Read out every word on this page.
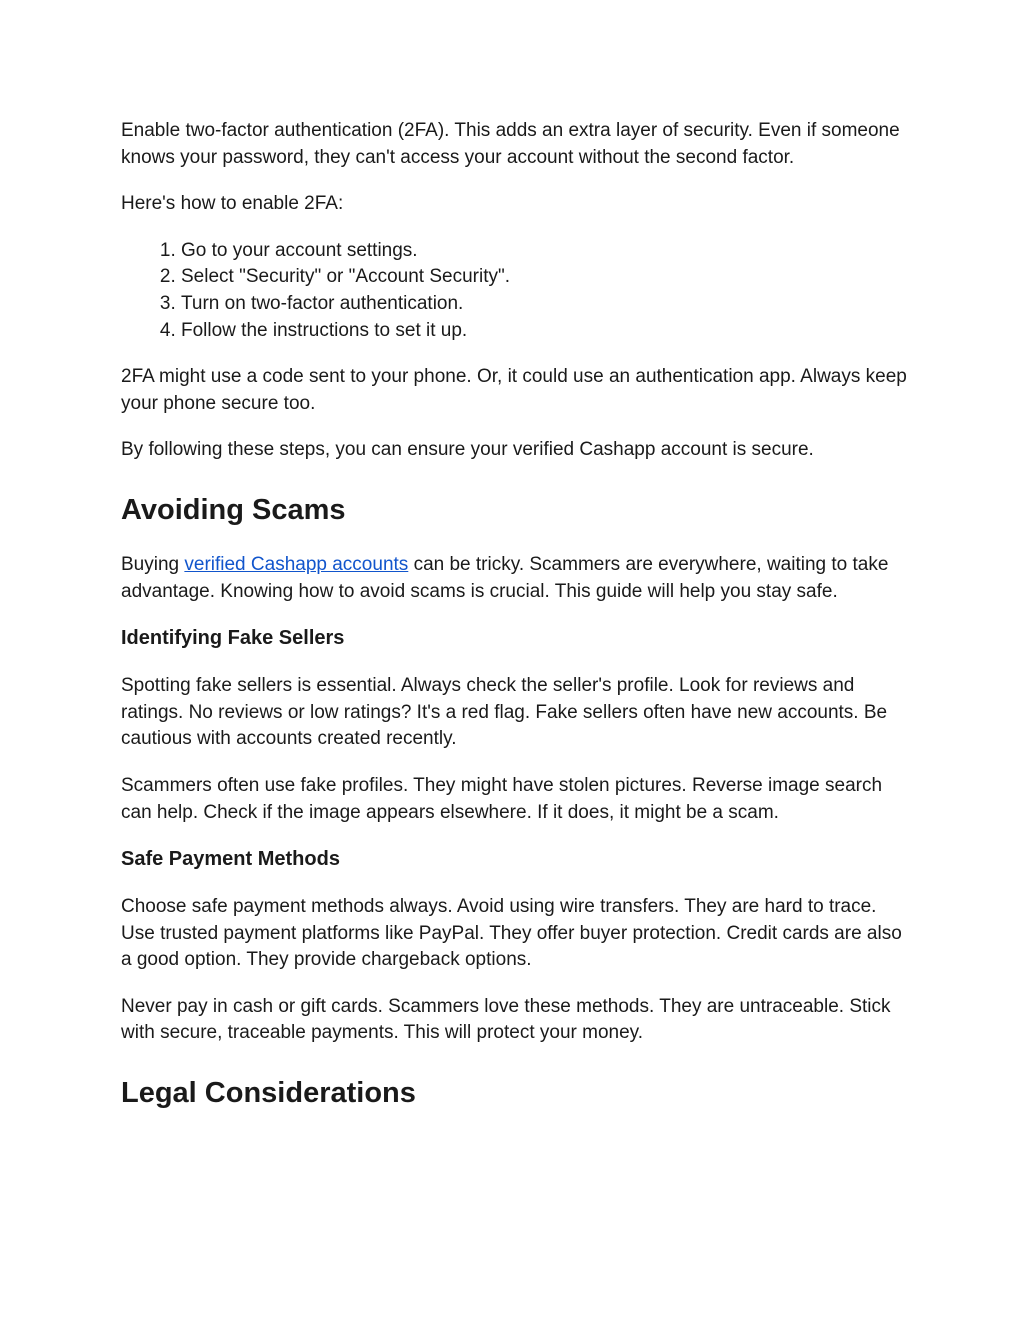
Enable two-factor authentication (2FA). This adds an extra layer of security. Even if someone knows your password, they can't access your account without the second factor.

Here's how to enable 2FA:

1. Go to your account settings.
2. Select "Security" or "Account Security".
3. Turn on two-factor authentication.
4. Follow the instructions to set it up.

2FA might use a code sent to your phone. Or, it could use an authentication app. Always keep your phone secure too.

By following these steps, you can ensure your verified Cashapp account is secure.

Avoiding Scams

Buying verified Cashapp accounts can be tricky. Scammers are everywhere, waiting to take advantage. Knowing how to avoid scams is crucial. This guide will help you stay safe.

Identifying Fake Sellers

Spotting fake sellers is essential. Always check the seller's profile. Look for reviews and ratings. No reviews or low ratings? It's a red flag. Fake sellers often have new accounts. Be cautious with accounts created recently.

Scammers often use fake profiles. They might have stolen pictures. Reverse image search can help. Check if the image appears elsewhere. If it does, it might be a scam.

Safe Payment Methods

Choose safe payment methods always. Avoid using wire transfers. They are hard to trace. Use trusted payment platforms like PayPal. They offer buyer protection. Credit cards are also a good option. They provide chargeback options.

Never pay in cash or gift cards. Scammers love these methods. They are untraceable. Stick with secure, traceable payments. This will protect your money.

Legal Considerations
